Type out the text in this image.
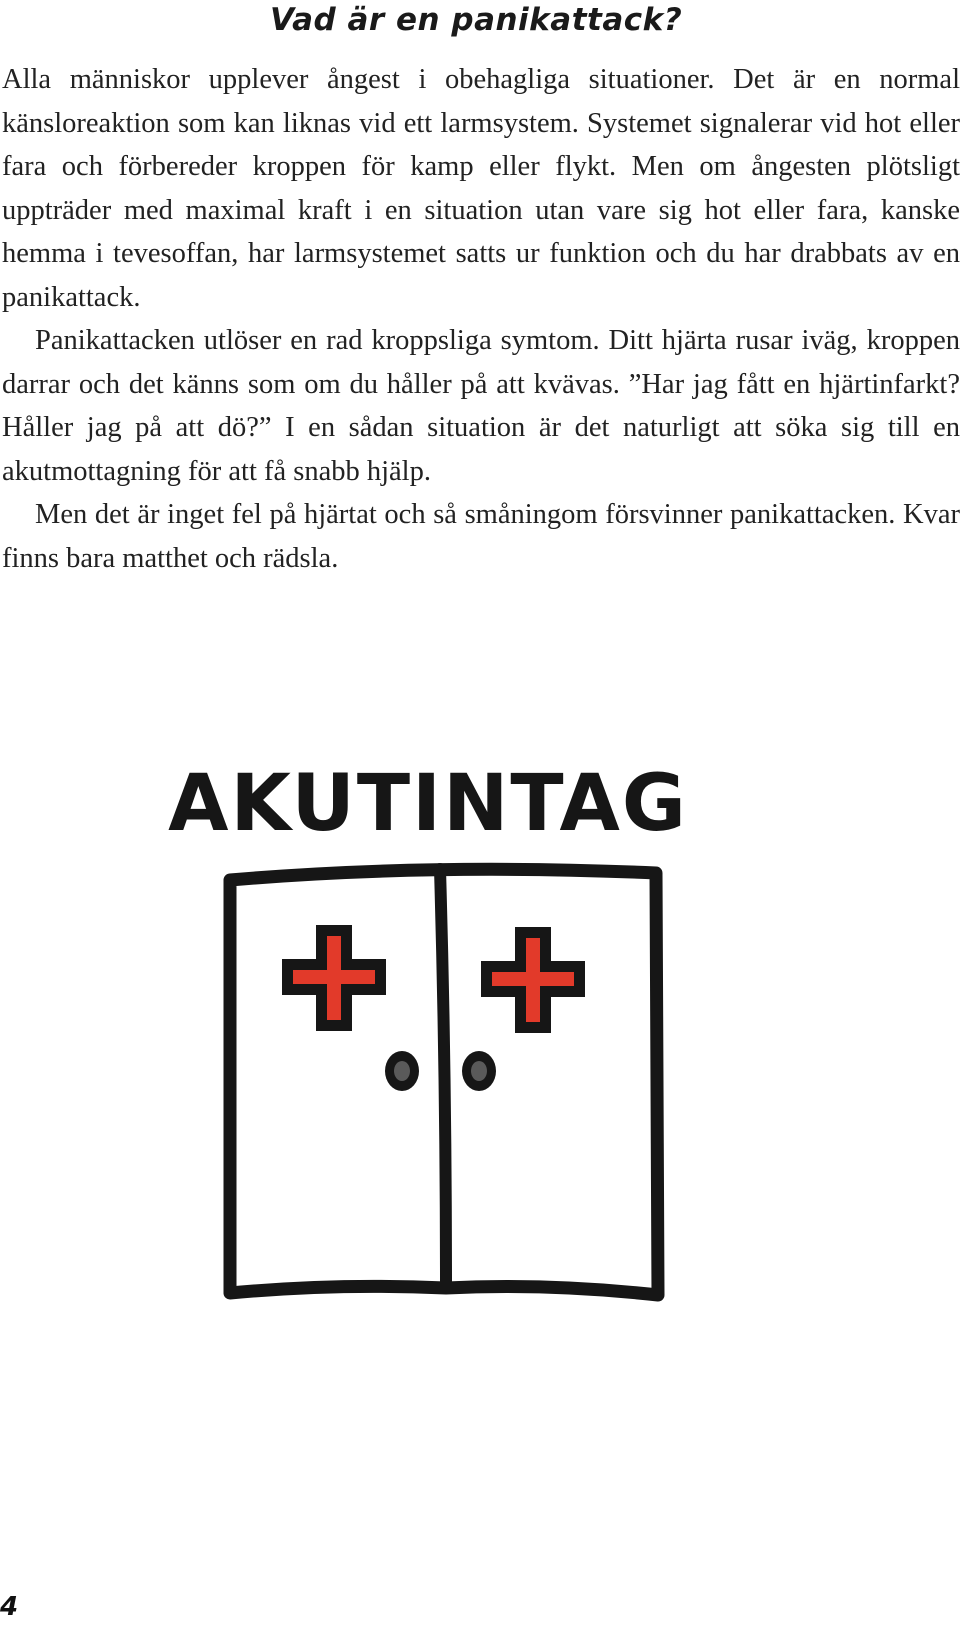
Vad är en panikattack?

Alla människor upplever ångest i obehagliga situationer. Det är en normal känsloreaktion som kan liknas vid ett larmsystem. Systemet signalerar vid hot eller fara och förbereder kroppen för kamp eller flykt. Men om ångesten plötsligt uppträder med maximal kraft i en situation utan vare sig hot eller fara, kanske hemma i tevesoffan, har larmsystemet satts ur funktion och du har drabbats av en panikattack.

Panikattacken utlöser en rad kroppsliga symtom. Ditt hjärta rusar iväg, kroppen darrar och det känns som om du håller på att kvävas. ”Har jag fått en hjärtinfarkt? Håller jag på att dö?” I en sådan situation är det naturligt att söka sig till en akutmottagning för att få snabb hjälp.

Men det är inget fel på hjärtat och så småningom försvinner panikattacken. Kvar finns bara matthet och rädsla.

AKUTINTAG
4
